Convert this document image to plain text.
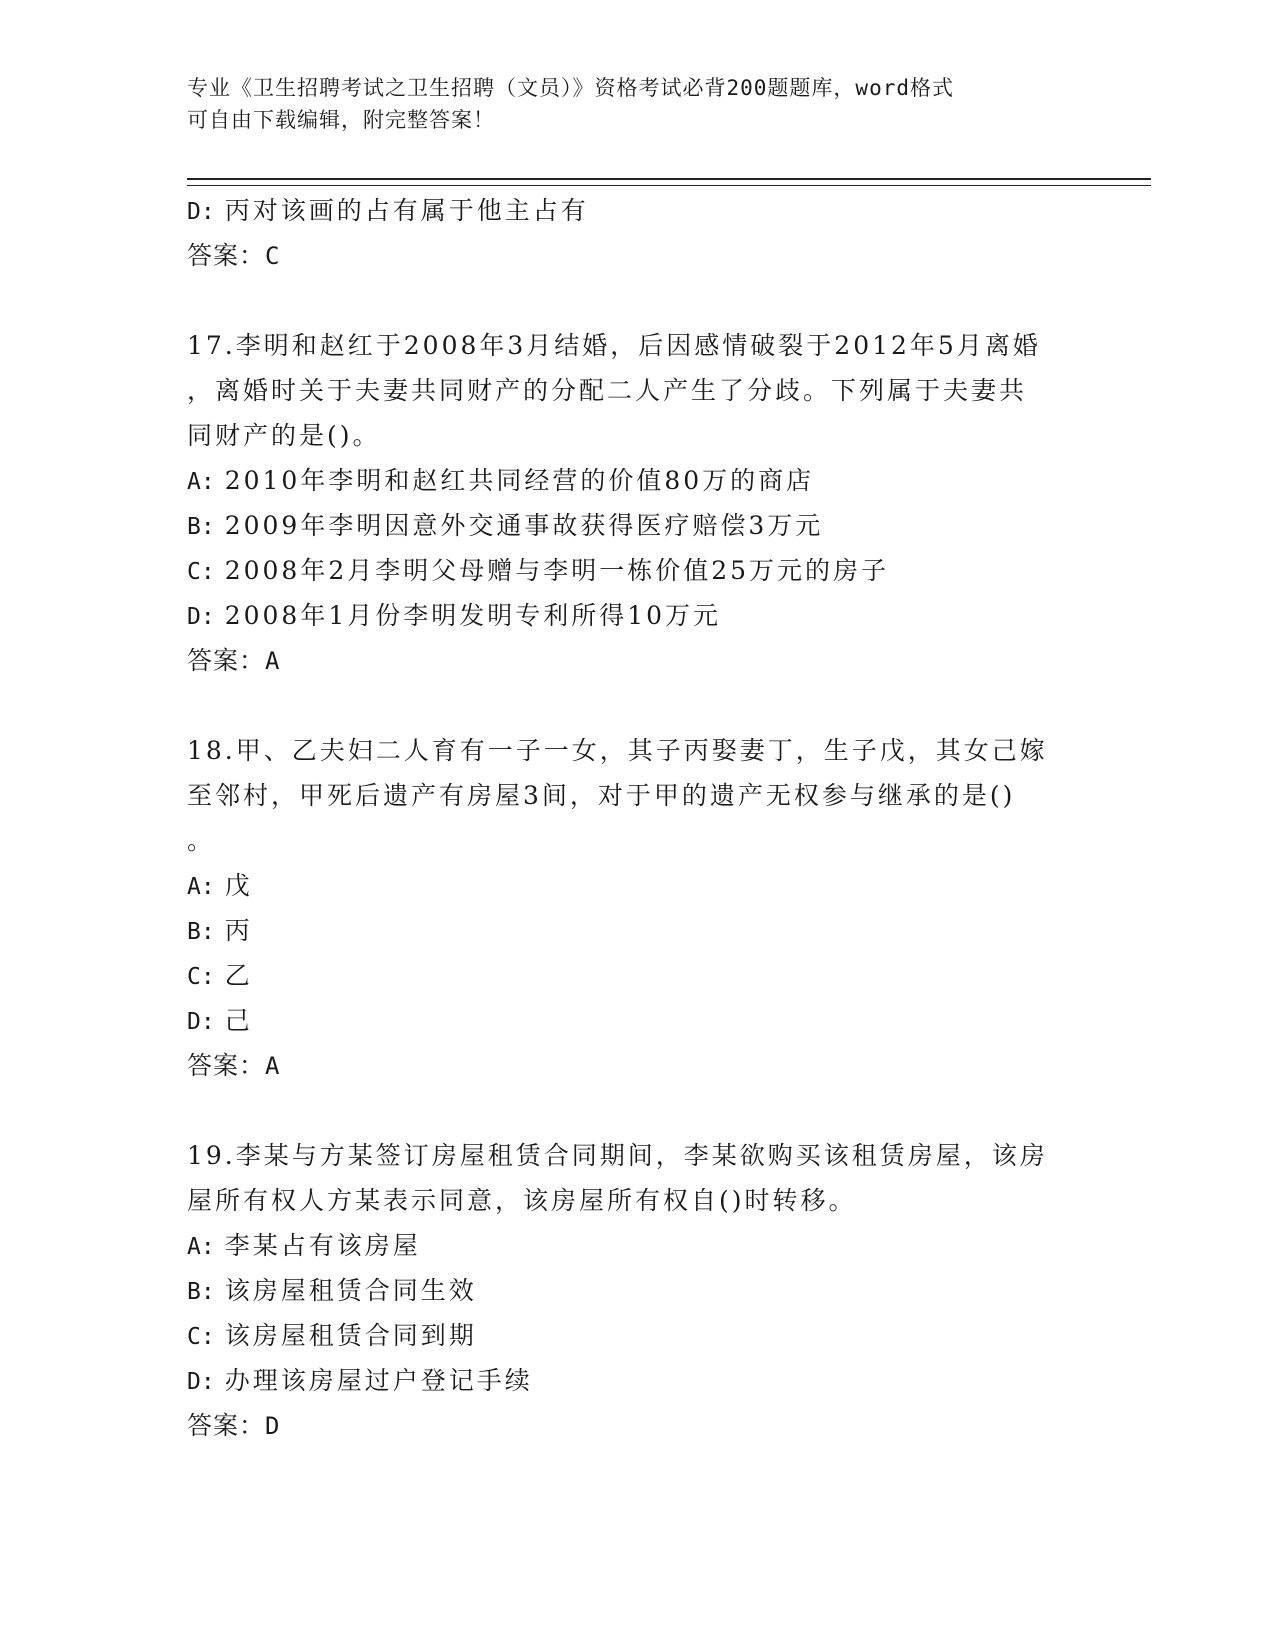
专业《卫生招聘考试之卫生招聘（文员）》资格考试必背200题题库，word格式
可自由下载编辑，附完整答案！
D: 丙对该画的占有属于他主占有
答案：C
17.李明和赵红于2008年3月结婚，后因感情破裂于2012年5月离婚
，离婚时关于夫妻共同财产的分配二人产生了分歧。下列属于夫妻共
同财产的是()。
A: 2010年李明和赵红共同经营的价值80万的商店
B: 2009年李明因意外交通事故获得医疗赔偿3万元
C: 2008年2月李明父母赠与李明一栋价值25万元的房子
D: 2008年1月份李明发明专利所得10万元
答案：A
18.甲、乙夫妇二人育有一子一女，其子丙娶妻丁，生子戊，其女己嫁
至邻村，甲死后遗产有房屋3间，对于甲的遗产无权参与继承的是()
。
A: 戊
B: 丙
C: 乙
D: 己
答案：A
19.李某与方某签订房屋租赁合同期间，李某欲购买该租赁房屋，该房
屋所有权人方某表示同意，该房屋所有权自()时转移。
A: 李某占有该房屋
B: 该房屋租赁合同生效
C: 该房屋租赁合同到期
D: 办理该房屋过户登记手续
答案：D
